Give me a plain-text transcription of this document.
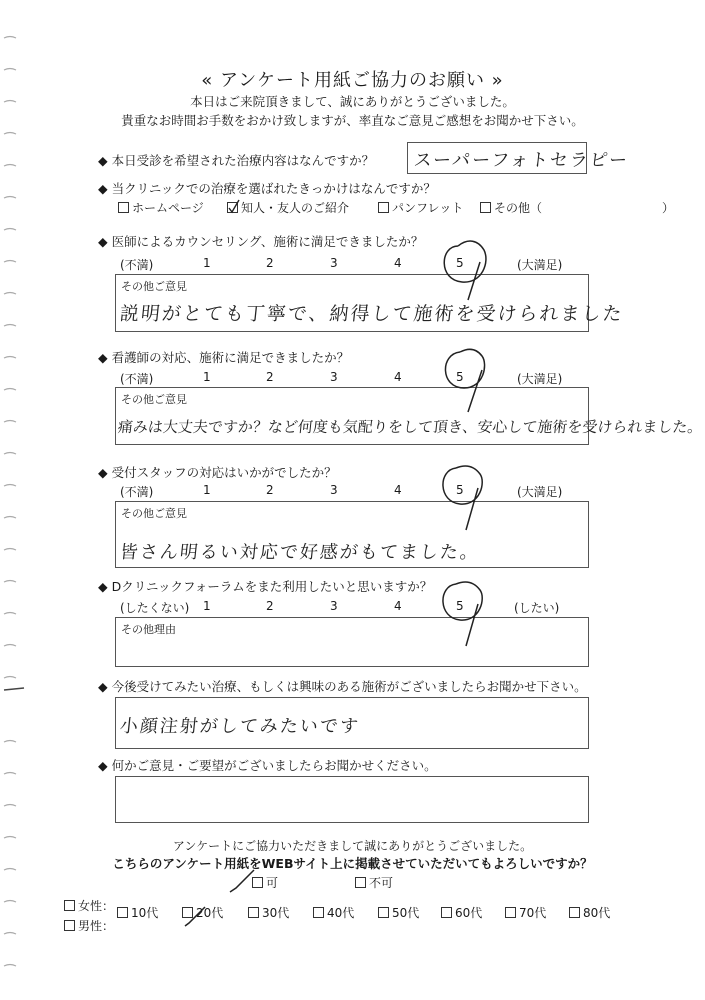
« アンケート用紙ご協力のお願い »
本日はご来院頂きまして、誠にありがとうございました。
貴重なお時間お手数をおかけ致しますが、率直なご意見ご感想をお聞かせ下さい。
◆ 本日受診を希望された治療内容はなんですか？ スーパーフォトセラピー
◆ 当クリニックでの治療を選ばれたきっかけはなんですか？
ホームページ	知人・友人のご紹介	パンフレット	その他（　　　　　　　　　　）
◆ 医師によるカウンセリング、施術に満足できましたか？
(不満)	1	2	3	4	5	(大満足)
その他ご意見
説明がとても丁寧で、納得して施術を受けられました
◆ 看護師の対応、施術に満足できましたか？
(不満)	1	2	3	4	5	(大満足)
その他ご意見
痛みは大丈夫ですか？など何度も気配りをして頂き、安心して施術を受けられました。
◆ 受付スタッフの対応はいかがでしたか？
(不満)	1	2	3	4	5	(大満足)
その他ご意見
皆さん明るい対応で好感がもてました。
◆ Dクリニックフォーラムをまた利用したいと思いますか？
(したくない) 1	2	3	4	5	(したい)
その他理由
◆ 今後受けてみたい治療、もしくは興味のある施術がございましたらお聞かせ下さい。
小顔注射がしてみたいです
◆ 何かご意見・ご要望がございましたらお聞かせください。
アンケートにご協力いただきまして誠にありがとうございました。
こちらのアンケート用紙をWEBサイト上に掲載させていただいてもよろしいですか？
可	不可
女性：
男性：
10代	20代	30代	40代	50代	60代	70代	80代
